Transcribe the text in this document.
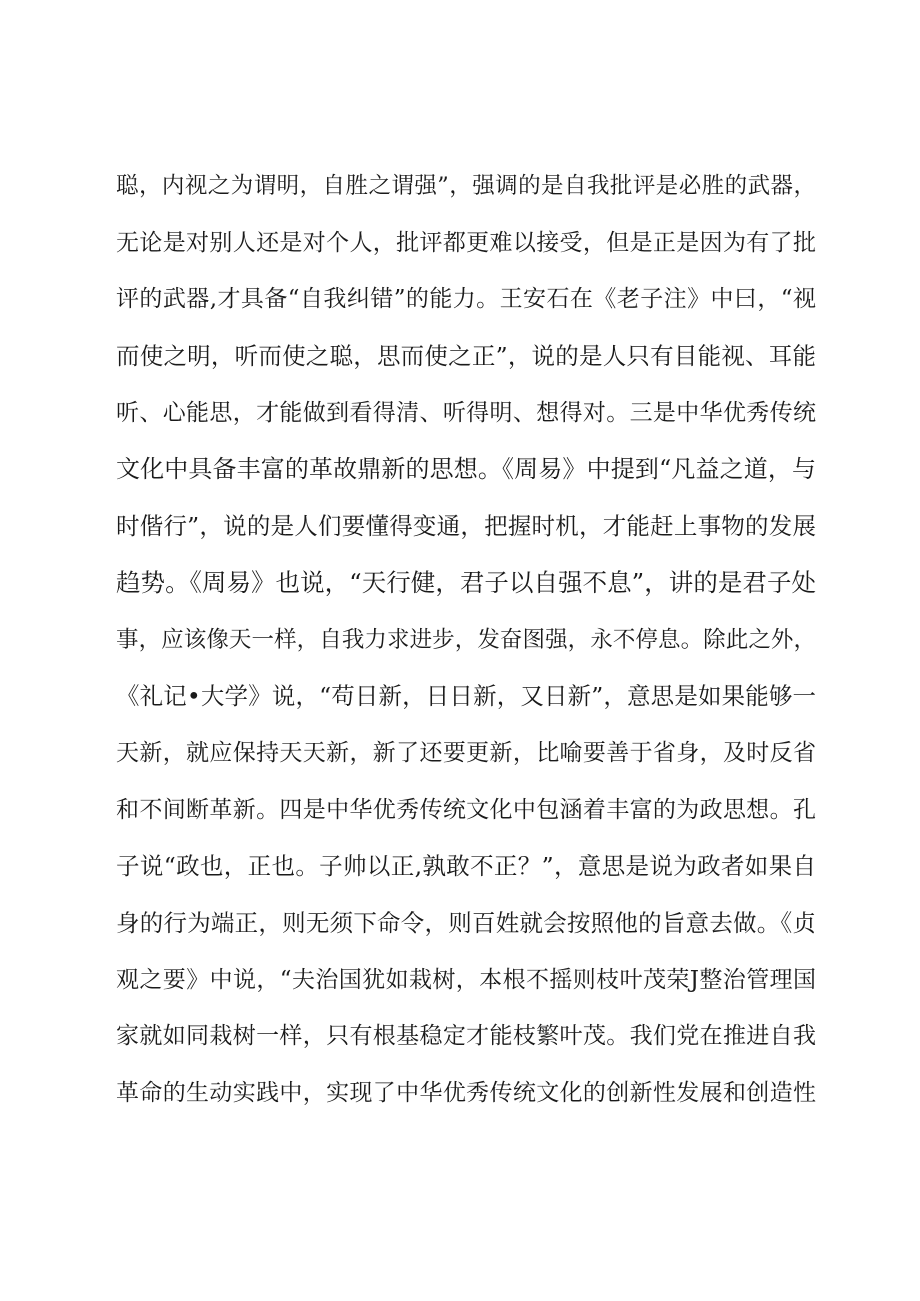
聪，内视之为谓明，自胜之谓强”，强调的是自我批评是必胜的武器，
无论是对别人还是对个人，批评都更难以接受，但是正是因为有了批
评的武器,才具备“自我纠错”的能力。王安石在《老子注》中曰，“视
而使之明，听而使之聪，思而使之正”，说的是人只有目能视、耳能
听、心能思，才能做到看得清、听得明、想得对。三是中华优秀传统
文化中具备丰富的革故鼎新的思想。《周易》中提到“凡益之道，与
时偕行”，说的是人们要懂得变通，把握时机，才能赶上事物的发展
趋势。《周易》也说，“天行健，君子以自强不息”，讲的是君子处
事，应该像天一样，自我力求进步，发奋图强，永不停息。除此之外，
《礼记•大学》说，“苟日新，日日新，又日新”，意思是如果能够一
天新，就应保持天天新，新了还要更新，比喻要善于省身，及时反省
和不间断革新。四是中华优秀传统文化中包涵着丰富的为政思想。孔
子说“政也，正也。子帅以正,孰敢不正？”，意思是说为政者如果自
身的行为端正，则无须下命令，则百姓就会按照他的旨意去做。《贞
观之要》中说，“夫治国犹如栽树，本根不摇则枝叶茂荣J整治管理国
家就如同栽树一样，只有根基稳定才能枝繁叶茂。我们党在推进自我
革命的生动实践中，实现了中华优秀传统文化的创新性发展和创造性
